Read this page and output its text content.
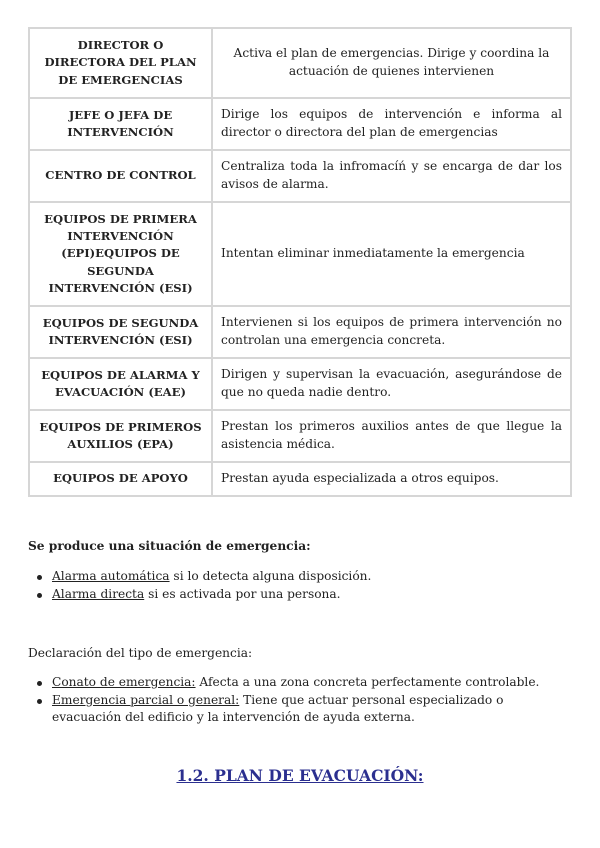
DIRECTOR O DIRECTORA DEL PLAN DE EMERGENCIAS	Activa el plan de emergencias. Dirige y coordina la actuación de quienes intervienen
JEFE O JEFA DE INTERVENCIÓN	Dirige los equipos de intervención e informa al director o directora del plan de emergencias
CENTRO DE CONTROL	Centraliza toda la infromacíń y se encarga de dar los avisos de alarma.
EQUIPOS DE PRIMERA INTERVENCIÓN (EPI)EQUIPOS DE SEGUNDA INTERVENCIÓN (ESI)	Intentan eliminar inmediatamente la emergencia
EQUIPOS DE SEGUNDA INTERVENCIÓN (ESI)	Intervienen si los equipos de primera intervención no controlan una emergencia concreta.
EQUIPOS DE ALARMA Y EVACUACIÓN (EAE)	Dirigen y supervisan la evacuación, asegurándose de que no queda nadie dentro.
EQUIPOS DE PRIMEROS AUXILIOS (EPA)	Prestan los primeros auxilios antes de que llegue la asistencia médica.
EQUIPOS DE APOYO	Prestan ayuda especializada a otros equipos.
Se produce una situación de emergencia:
Alarma automática si lo detecta alguna disposición.
Alarma directa si es activada por una persona.
Declaración del tipo de emergencia:
Conato de emergencia: Afecta a una zona concreta perfectamente controlable.
Emergencia parcial o general: Tiene que actuar personal especializado o evacuación del edificio y la intervención de ayuda externa.
1.2. PLAN DE EVACUACIÓN:
